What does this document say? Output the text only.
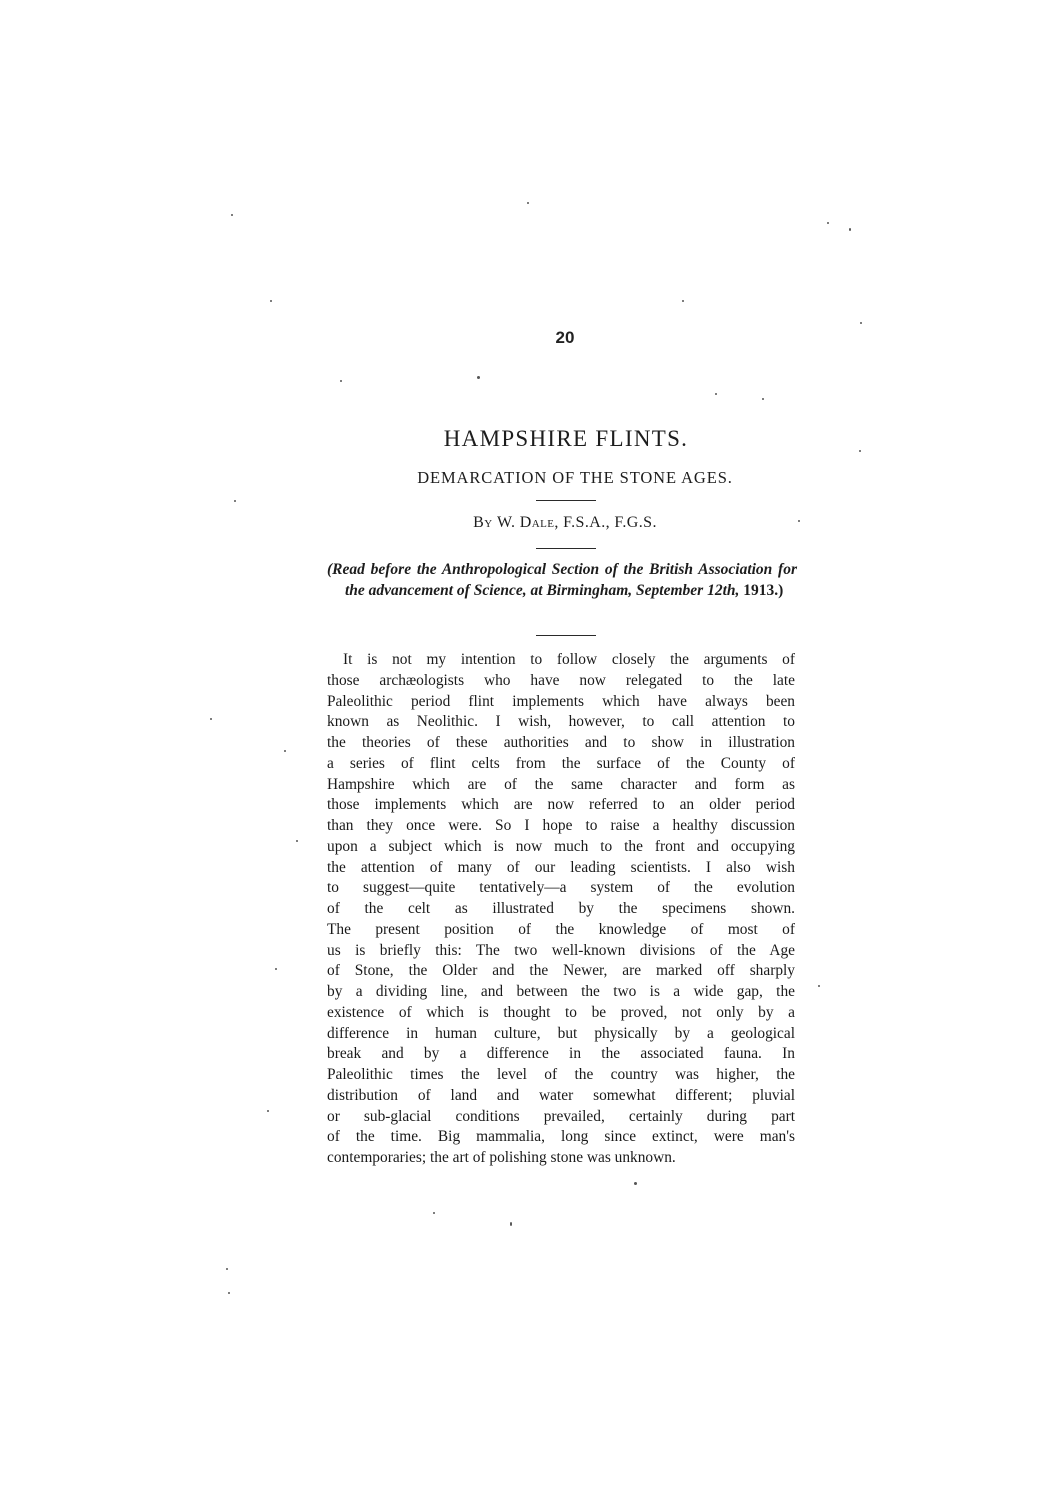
20
HAMPSHIRE FLINTS.
DEMARCATION OF THE STONE AGES.
By W. Dale, F.S.A., F.G.S.

(Read before the Anthropological Section of the British Association for the advancement of Science, at Birmingham, September 12th, 1913.)

It is not my intention to follow closely the arguments of
those archæologists who have now relegated to the late
Paleolithic period flint implements which have always been
known as Neolithic. I wish, however, to call attention to
the theories of these authorities and to show in illustration
a series of flint celts from the surface of the County of
Hampshire which are of the same character and form as
those implements which are now referred to an older period
than they once were. So I hope to raise a healthy discussion
upon a subject which is now much to the front and occupying
the attention of many of our leading scientists. I also wish
to suggest—quite tentatively—a system of the evolution
of the celt as illustrated by the specimens shown.
The present position of the knowledge of most of
us is briefly this: The two well-known divisions of the Age
of Stone, the Older and the Newer, are marked off sharply
by a dividing line, and between the two is a wide gap, the
existence of which is thought to be proved, not only by a
difference in human culture, but physically by a geological
break and by a difference in the associated fauna. In
Paleolithic times the level of the country was higher, the
distribution of land and water somewhat different; pluvial
or sub-glacial conditions prevailed, certainly during part
of the time. Big mammalia, long since extinct, were man's
contemporaries; the art of polishing stone was unknown.
